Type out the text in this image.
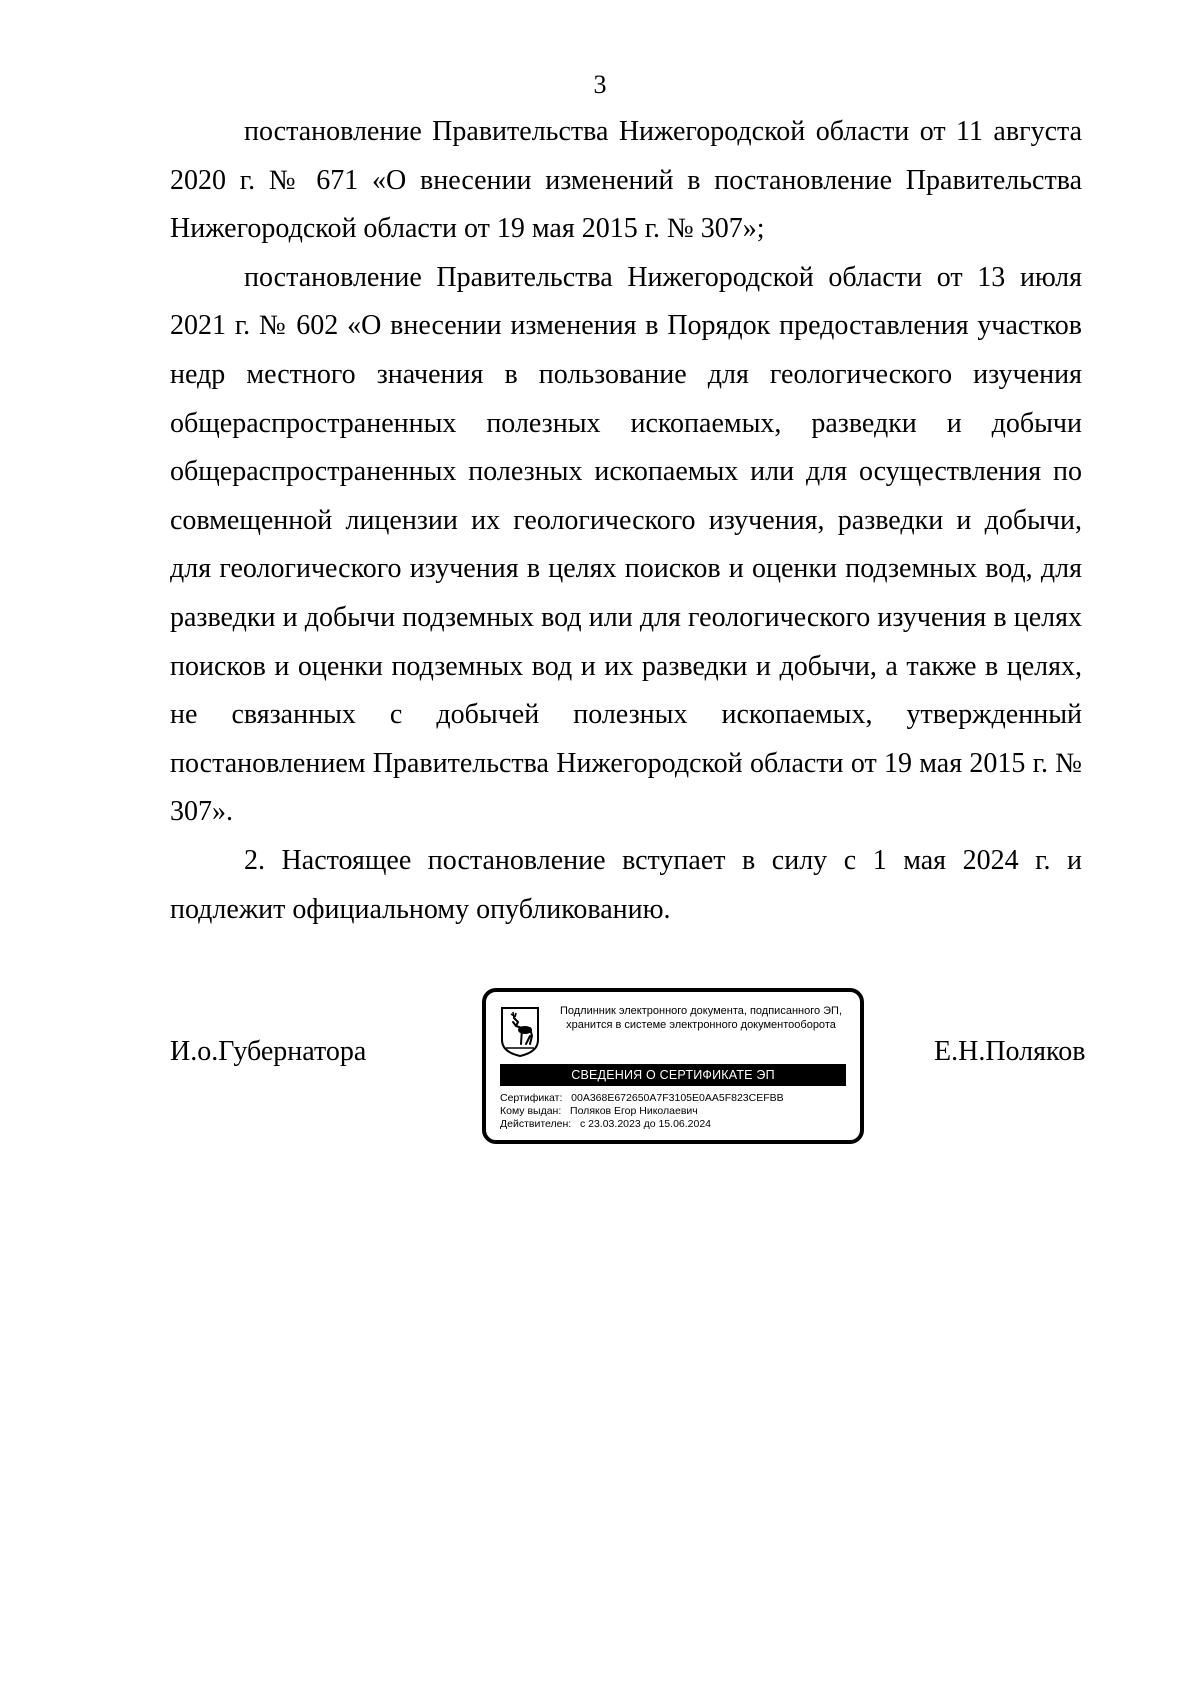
3

постановление Правительства Нижегородской области от 11 августа 2020 г. № 671 «О внесении изменений в постановление Правительства Нижегородской области от 19 мая 2015 г. № 307»;

постановление Правительства Нижегородской области от 13 июля 2021 г. № 602 «О внесении изменения в Порядок предоставления участков недр местного значения в пользование для геологического изучения общераспространенных полезных ископаемых, разведки и добычи общераспространенных полезных ископаемых или для осуществления по совмещенной лицензии их геологического изучения, разведки и добычи, для геологического изучения в целях поисков и оценки подземных вод, для разведки и добычи подземных вод или для геологического изучения в целях поисков и оценки подземных вод и их разведки и добычи, а также в целях, не связанных с добычей полезных ископаемых, утвержденный постановлением Правительства Нижегородской области от 19 мая 2015 г. № 307».

2. Настоящее постановление вступает в силу с 1 мая 2024 г. и подлежит официальному опубликованию.

И.о.Губернатора	Е.Н.Поляков
Подлинник электронного документа, подписанного ЭП, хранится в системе электронного документооборота
СВЕДЕНИЯ О СЕРТИФИКАТЕ ЭП
Сертификат:   00A368E672650A7F3105E0AA5F823CEFBB
Кому выдан:   Поляков Егор Николаевич
Действителен:   с 23.03.2023 до 15.06.2024
